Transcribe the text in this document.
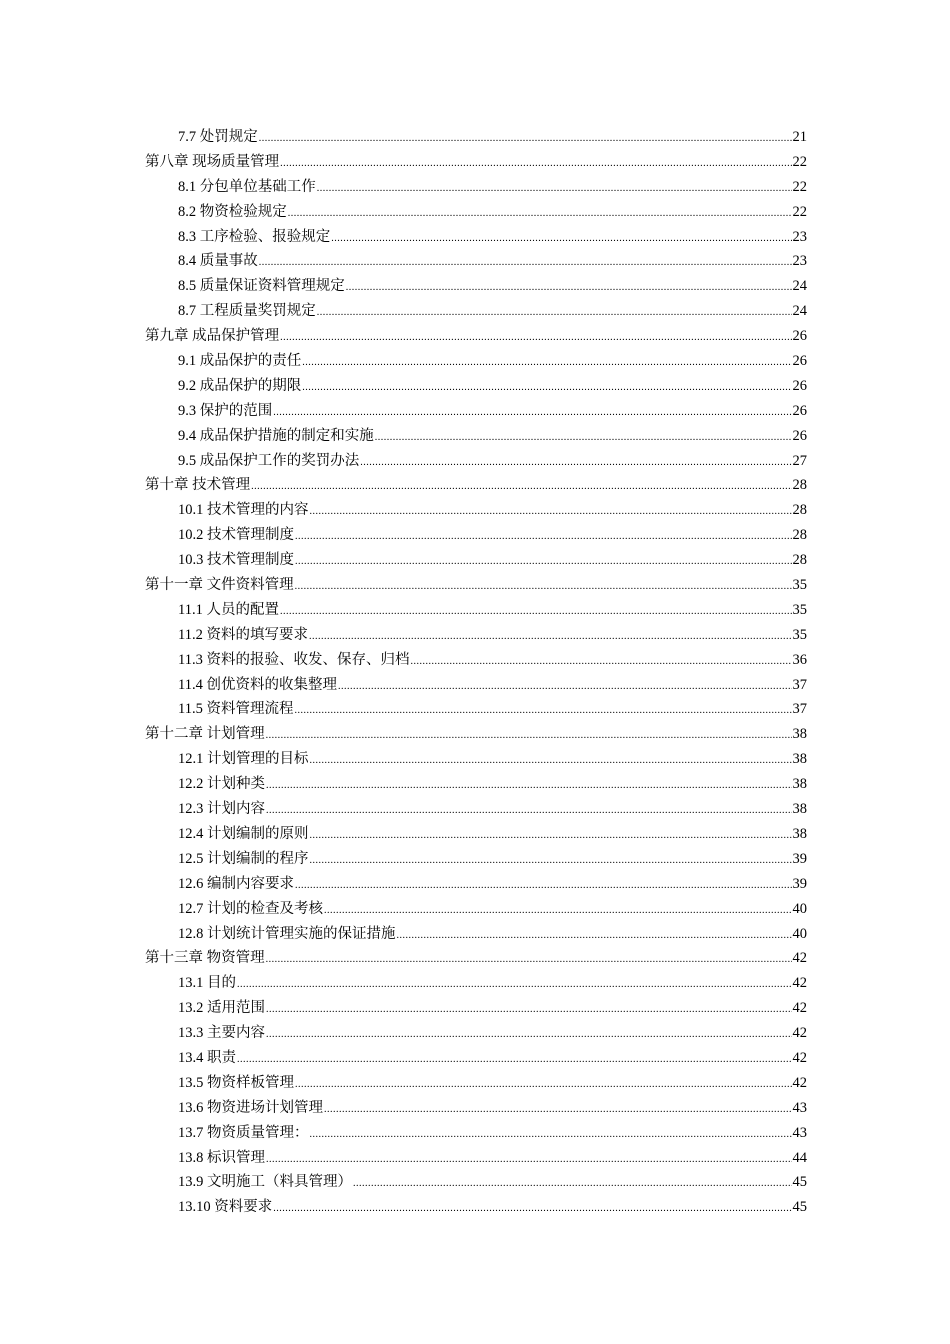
7.7 处罚规定 .....	21
第八章 现场质量管理 .....	22
8.1 分包单位基础工作 .....	22
8.2 物资检验规定 .....	22
8.3 工序检验、报验规定 .....	23
8.4 质量事故 .....	23
8.5 质量保证资料管理规定 .....	24
8.7 工程质量奖罚规定 .....	24
第九章 成品保护管理 .....	26
9.1 成品保护的责任 .....	26
9.2 成品保护的期限 .....	26
9.3 保护的范围 .....	26
9.4 成品保护措施的制定和实施 .....	26
9.5 成品保护工作的奖罚办法 .....	27
第十章 技术管理 .....	28
10.1 技术管理的内容 .....	28
10.2 技术管理制度 .....	28
10.3 技术管理制度 .....	28
第十一章 文件资料管理 .....	35
11.1 人员的配置 .....	35
11.2 资料的填写要求 .....	35
11.3 资料的报验、收发、保存、归档 .....	36
11.4 创优资料的收集整理 .....	37
11.5 资料管理流程 .....	37
第十二章 计划管理 .....	38
12.1 计划管理的目标 .....	38
12.2 计划种类 .....	38
12.3 计划内容 .....	38
12.4 计划编制的原则 .....	38
12.5 计划编制的程序 .....	39
12.6 编制内容要求 .....	39
12.7 计划的检查及考核 .....	40
12.8 计划统计管理实施的保证措施 .....	40
第十三章 物资管理 .....	42
13.1 目的 .....	42
13.2 适用范围 .....	42
13.3 主要内容 .....	42
13.4 职责 .....	42
13.5 物资样板管理 .....	42
13.6 物资进场计划管理 .....	43
13.7 物资质量管理： .....	43
13.8 标识管理 .....	44
13.9 文明施工（料具管理） .....	45
13.10 资料要求 .....	45
